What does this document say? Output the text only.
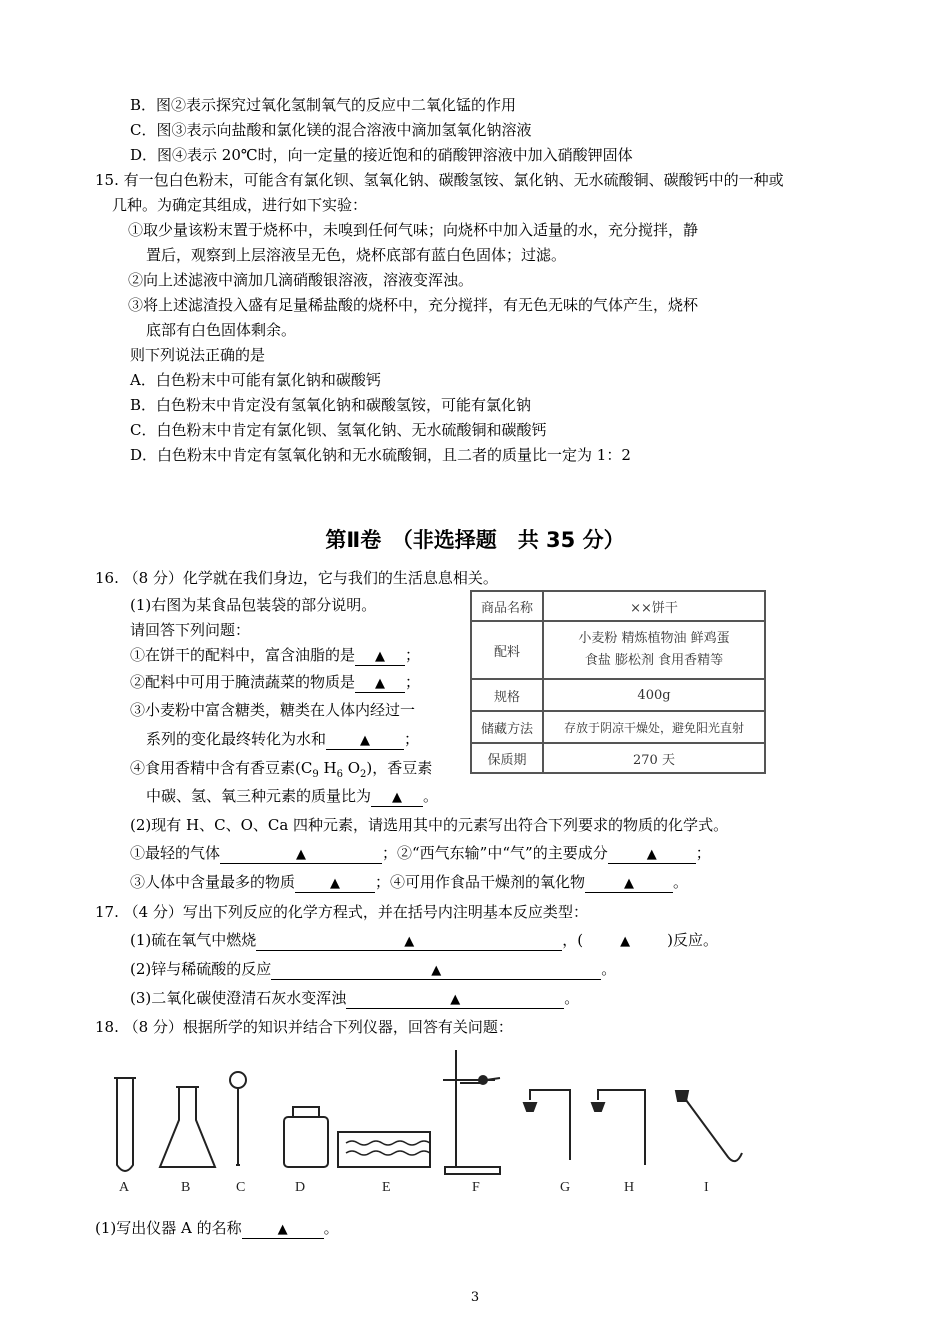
B．图②表示探究过氧化氢制氧气的反应中二氧化锰的作用
C．图③表示向盐酸和氯化镁的混合溶液中滴加氢氧化钠溶液
D．图④表示 20℃时，向一定量的接近饱和的硝酸钾溶液中加入硝酸钾固体
15. 有一包白色粉末，可能含有氯化钡、氢氧化钠、碳酸氢铵、氯化钠、无水硫酸铜、碳酸钙中的一种或
几种。为确定其组成，进行如下实验：
①取少量该粉末置于烧杯中，未嗅到任何气味；向烧杯中加入适量的水，充分搅拌，静
置后，观察到上层溶液呈无色，烧杯底部有蓝白色固体；过滤。
②向上述滤液中滴加几滴硝酸银溶液，溶液变浑浊。
③将上述滤渣投入盛有足量稀盐酸的烧杯中，充分搅拌，有无色无味的气体产生，烧杯
底部有白色固体剩余。
则下列说法正确的是
A．白色粉末中可能有氯化钠和碳酸钙
B．白色粉末中肯定没有氢氧化钠和碳酸氢铵，可能有氯化钠
C．白色粉末中肯定有氯化钡、氢氧化钠、无水硫酸铜和碳酸钙
D．白色粉末中肯定有氢氧化钠和无水硫酸铜，且二者的质量比一定为 1：2
第Ⅱ卷　（非选择题　共 35 分）
16. （8 分）化学就在我们身边，它与我们的生活息息相关。
(1)右图为某食品包装袋的部分说明。
请回答下列问题：
①在饼干的配料中，富含油脂的是 ▲ ；
②配料中可用于腌渍蔬菜的物质是 ▲ ；
③小麦粉中富含糖类，糖类在人体内经过一
系列的变化最终转化为水和	▲ ；
④食用香精中含有香豆素($C_9$ $H_6$ $O_2$)，香豆素
中碳、氢、氧三种元素的质量比为 ▲ 。
商品名称	××饼干
配料	小麦粉 精炼植物油 鲜鸡蛋
食盐 膨松剂 食用香精等

规格	400g
储藏方法	存放于阴凉干燥处，避免阳光直射
保质期	270 天
(2)现有 H、C、O、Ca 四种元素，请选用其中的元素写出符合下列要求的物质的化学式。
①最轻的气体	▲	；②“西气东输”中“气”的主要成分	▲	；
③人体中含量最多的物质	▲ ；④可用作食品干燥剂的氧化物	▲	。
17. （4 分）写出下列反应的化学方程式，并在括号内注明基本反应类型：
(1)硫在氧气中燃烧	▲	，(	▲ )反应。
(2)锌与稀硫酸的反应	▲	。
(3)二氧化碳使澄清石灰水变浑浊	▲	。
18. （8 分）根据所学的知识并结合下列仪器，回答有关问题：
A	B	C	D	E	F	G	H	I
(1)写出仪器 A 的名称	▲ 。
3
